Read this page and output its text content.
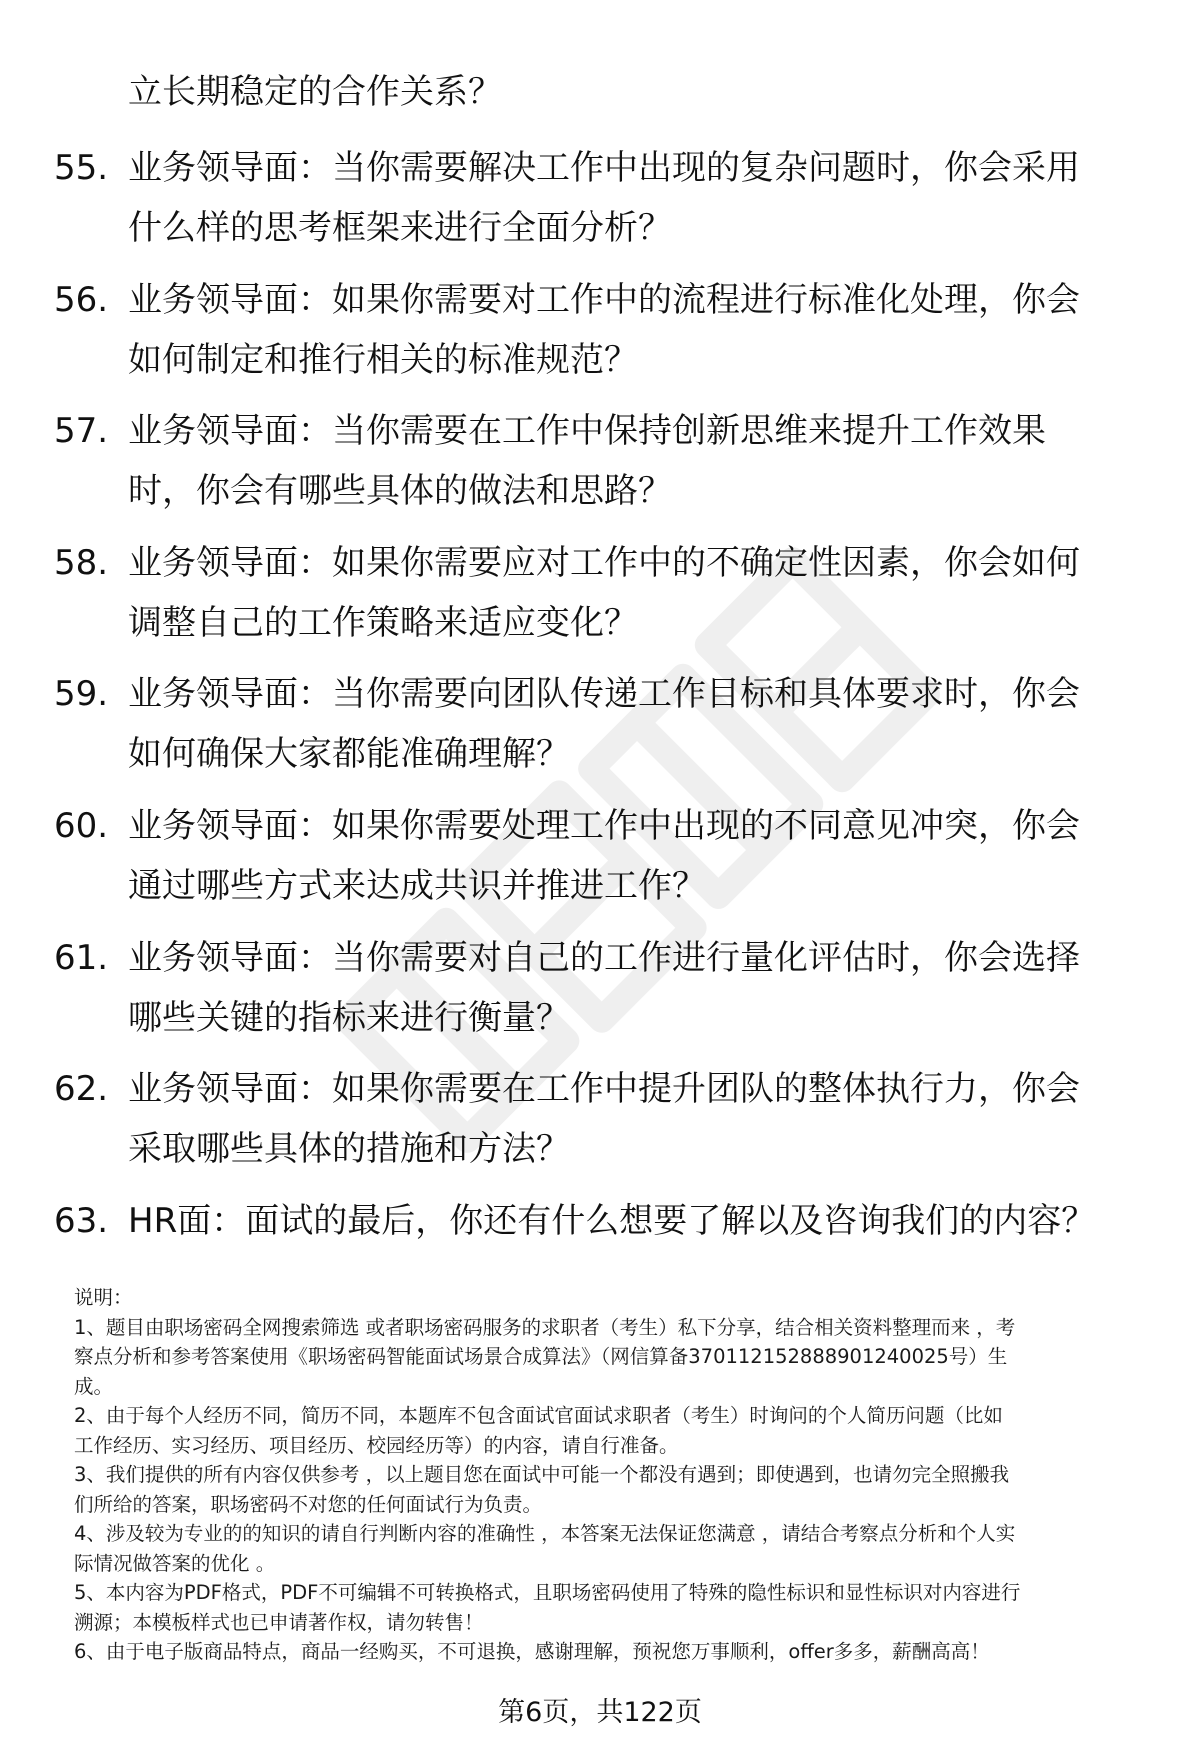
立长期稳定的合作关系？
55. 业务领导面：当你需要解决工作中出现的复杂问题时，你会采用
什么样的思考框架来进行全面分析？
56. 业务领导面：如果你需要对工作中的流程进行标准化处理，你会
如何制定和推行相关的标准规范？
57. 业务领导面：当你需要在工作中保持创新思维来提升工作效果
时，你会有哪些具体的做法和思路？
58. 业务领导面：如果你需要应对工作中的不确定性因素，你会如何
调整自己的工作策略来适应变化？
59. 业务领导面：当你需要向团队传递工作目标和具体要求时，你会
如何确保大家都能准确理解？
60. 业务领导面：如果你需要处理工作中出现的不同意见冲突，你会
通过哪些方式来达成共识并推进工作？
61. 业务领导面：当你需要对自己的工作进行量化评估时，你会选择
哪些关键的指标来进行衡量？
62. 业务领导面：如果你需要在工作中提升团队的整体执行力，你会
采取哪些具体的措施和方法？
63. HR面：面试的最后，你还有什么想要了解以及咨询我们的内容？
说明：
1、题目由职场密码全网搜索筛选 或者职场密码服务的求职者（考生）私下分享，结合相关资料整理而来 ，考
察点分析和参考答案使用《职场密码智能面试场景合成算法》（网信算备370112152888901240025号）生
成。
2、由于每个人经历不同，简历不同，本题库不包含面试官面试求职者（考生）时询问的个人简历问题（比如
工作经历、实习经历、项目经历、校园经历等）的内容，请自行准备。
3、我们提供的所有内容仅供参考 ，以上题目您在面试中可能一个都没有遇到；即使遇到，也请勿完全照搬我
们所给的答案，职场密码不对您的任何面试行为负责。
4、涉及较为专业的的知识的请自行判断内容的准确性 ，本答案无法保证您满意 ，请结合考察点分析和个人实
际情况做答案的优化 。
5、本内容为PDF格式，PDF不可编辑不可转换格式，且职场密码使用了特殊的隐性标识和显性标识对内容进行
溯源；本模板样式也已申请著作权，请勿转售！
6、由于电子版商品特点，商品一经购买，不可退换，感谢理解，预祝您万事顺利，offer多多，薪酬高高！
第6页，共122页
